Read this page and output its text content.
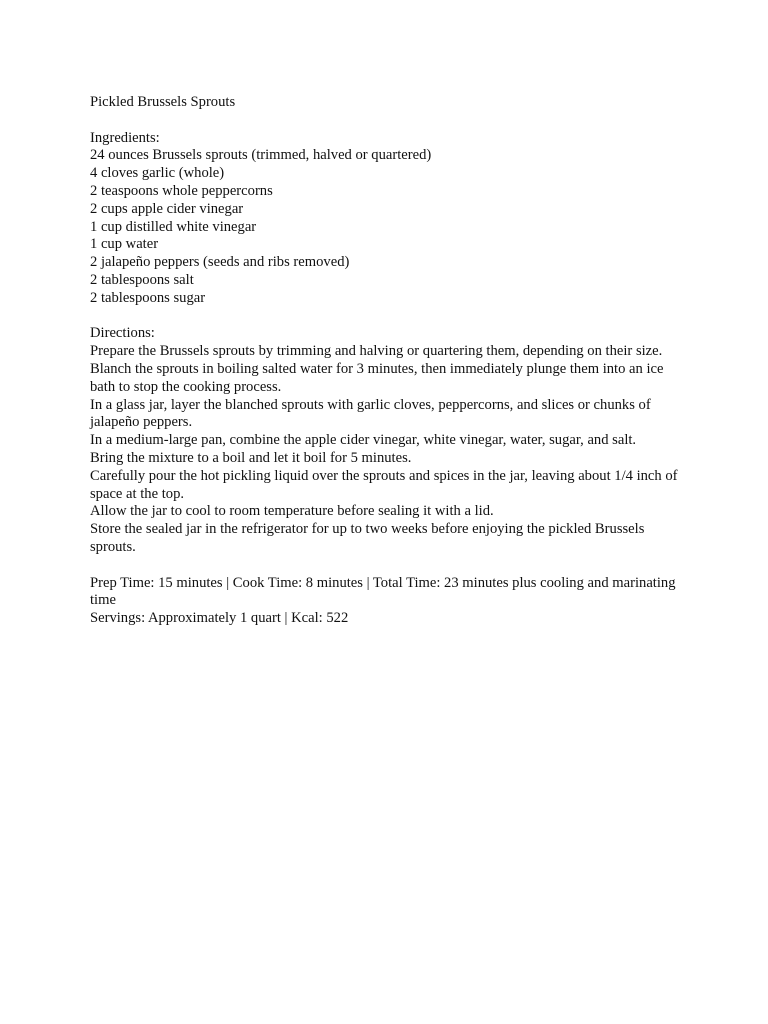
Pickled Brussels Sprouts

Ingredients:

24 ounces Brussels sprouts (trimmed, halved or quartered)
4 cloves garlic (whole)
2 teaspoons whole peppercorns
2 cups apple cider vinegar
1 cup distilled white vinegar
1 cup water
2 jalapeño peppers (seeds and ribs removed)
2 tablespoons salt
2 tablespoons sugar

Directions:

Prepare the Brussels sprouts by trimming and halving or quartering them, depending on their size.
Blanch the sprouts in boiling salted water for 3 minutes, then immediately plunge them into an ice bath to stop the cooking process.
In a glass jar, layer the blanched sprouts with garlic cloves, peppercorns, and slices or chunks of jalapeño peppers.
In a medium-large pan, combine the apple cider vinegar, white vinegar, water, sugar, and salt.
Bring the mixture to a boil and let it boil for 5 minutes.
Carefully pour the hot pickling liquid over the sprouts and spices in the jar, leaving about 1/4 inch of space at the top.
Allow the jar to cool to room temperature before sealing it with a lid.
Store the sealed jar in the refrigerator for up to two weeks before enjoying the pickled Brussels sprouts.

Prep Time: 15 minutes | Cook Time: 8 minutes | Total Time: 23 minutes plus cooling and marinating time

Servings: Approximately 1 quart | Kcal: 522
